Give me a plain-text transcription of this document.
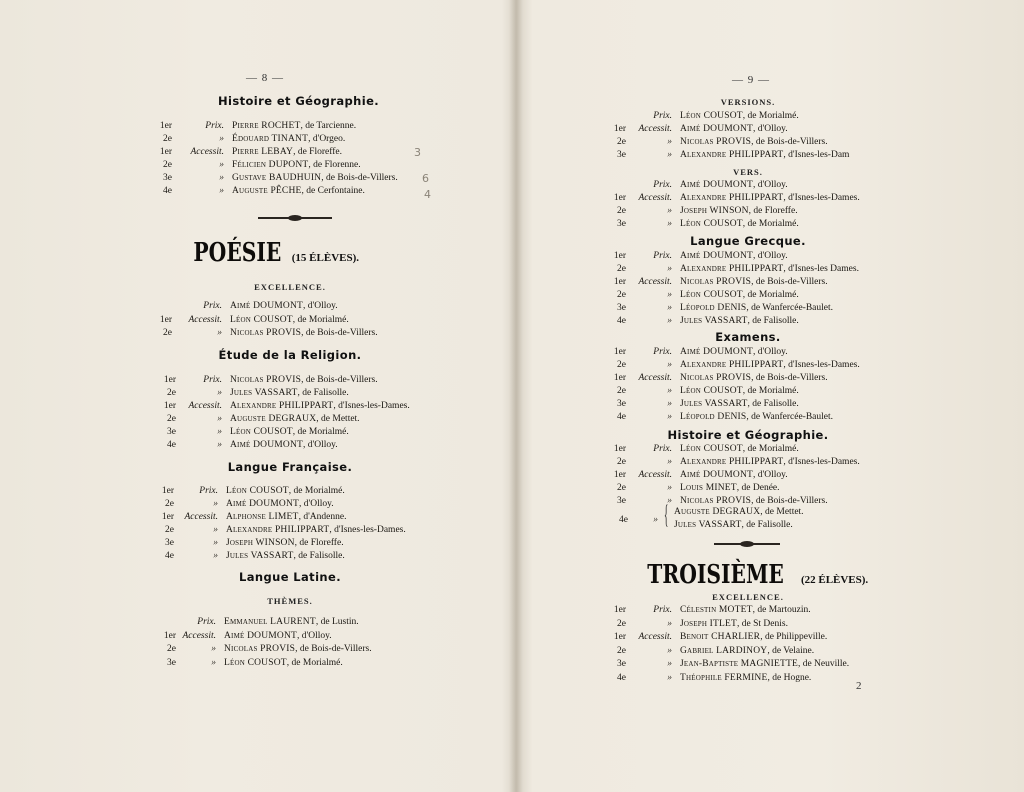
— 8 —
Histoire et Géographie.
1er	Prix. Pierre ROCHET, de Tarcienne.
2e	» Édouard TINANT, d'Orgeo.
1er	Accessit. Pierre LEBAY, de Floreffe.
2e	» Félicien DUPONT, de Florenne.
3e	» Gustave BAUDHUIN, de Bois-de-Villers.
4e	» Auguste PÊCHE, de Cerfontaine.
3
6
4
POÉSIE (15 ÉLÈVES).
EXCELLENCE.
Prix. Aimé DOUMONT, d'Olloy.
1er	Accessit. Léon COUSOT, de Morialmé.
2e	» Nicolas PROVIS, de Bois-de-Villers.
Étude de la Religion.
1er	Prix. Nicolas PROVIS, de Bois-de-Villers.
2e	» Jules VASSART, de Falisolle.
1er	Accessit. Alexandre PHILIPPART, d'Isnes-les-Dames.
2e	» Auguste DEGRAUX, de Mettet.
3e	» Léon COUSOT, de Morialmé.
4e	» Aimé DOUMONT, d'Olloy.
Langue Française.
1er	Prix. Léon COUSOT, de Morialmé.
2e	» Aimé DOUMONT, d'Olloy.
1er	Accessit. Alphonse LIMET, d'Andenne.
2e	» Alexandre PHILIPPART, d'Isnes-les-Dames.
3e	» Joseph WINSON, de Floreffe.
4e	» Jules VASSART, de Falisolle.
Langue Latine.
THÈMES.
Prix. Emmanuel LAURENT, de Lustin.
1er Accessit. Aimé DOUMONT, d'Olloy.
2e	» Nicolas PROVIS, de Bois-de-Villers.
3e	» Léon COUSOT, de Morialmé.
— 9 —
VERSIONS.
Prix. Léon COUSOT, de Morialmé.
1er	Accessit. Aimé DOUMONT, d'Olloy.
2e	» Nicolas PROVIS, de Bois-de-Villers.
3e	» Alexandre PHILIPPART, d'Isnes-les-Dam
VERS.
Prix. Aimé DOUMONT, d'Olloy.
1er	Accessit. Alexandre PHILIPPART, d'Isnes-les-Dames.
2e	» Joseph WINSON, de Floreffe.
3e	» Léon COUSOT, de Morialmé.
Langue Grecque.
1er	Prix. Aimé DOUMONT, d'Olloy.
2e	» Alexandre PHILIPPART, d'Isnes-les Dames.
1er	Accessit. Nicolas PROVIS, de Bois-de-Villers.
2e	» Léon COUSOT, de Morialmé.
3e	» Léopold DENIS, de Wanfercée-Baulet.
4e	» Jules VASSART, de Falisolle.
Examens.
1er	Prix. Aimé DOUMONT, d'Olloy.
2e	» Alexandre PHILIPPART, d'Isnes-les-Dames.
1er	Accessit. Nicolas PROVIS, de Bois-de-Villers.
2e	» Léon COUSOT, de Morialmé.
3e	» Jules VASSART, de Falisolle.
4e	» Léopold DENIS, de Wanfercée-Baulet.
Histoire et Géographie.
1er	Prix. Léon COUSOT, de Morialmé.
2e	» Alexandre PHILIPPART, d'Isnes-les-Dames.
1er	Accessit. Aimé DOUMONT, d'Olloy.
2e	» Louis MINET, de Denée.
3e	» Nicolas PROVIS, de Bois-de-Villers.
4e	» { Auguste DEGRAUX, de Mettet.
Jules VASSART, de Falisolle.
TROISIÈME (22 ÉLÈVES).
EXCELLENCE.
1er	Prix. Célestin MOTET, de Martouzin.
2e	» Joseph ITLET, de St Denis.
1er	Accessit. Benoit CHARLIER, de Philippeville.
2e	» Gabriel LARDINOY, de Velaine.
3e	» Jean-Baptiste MAGNIETTE, de Neuville.
4e	» Théophile FERMINE, de Hogne.
2
